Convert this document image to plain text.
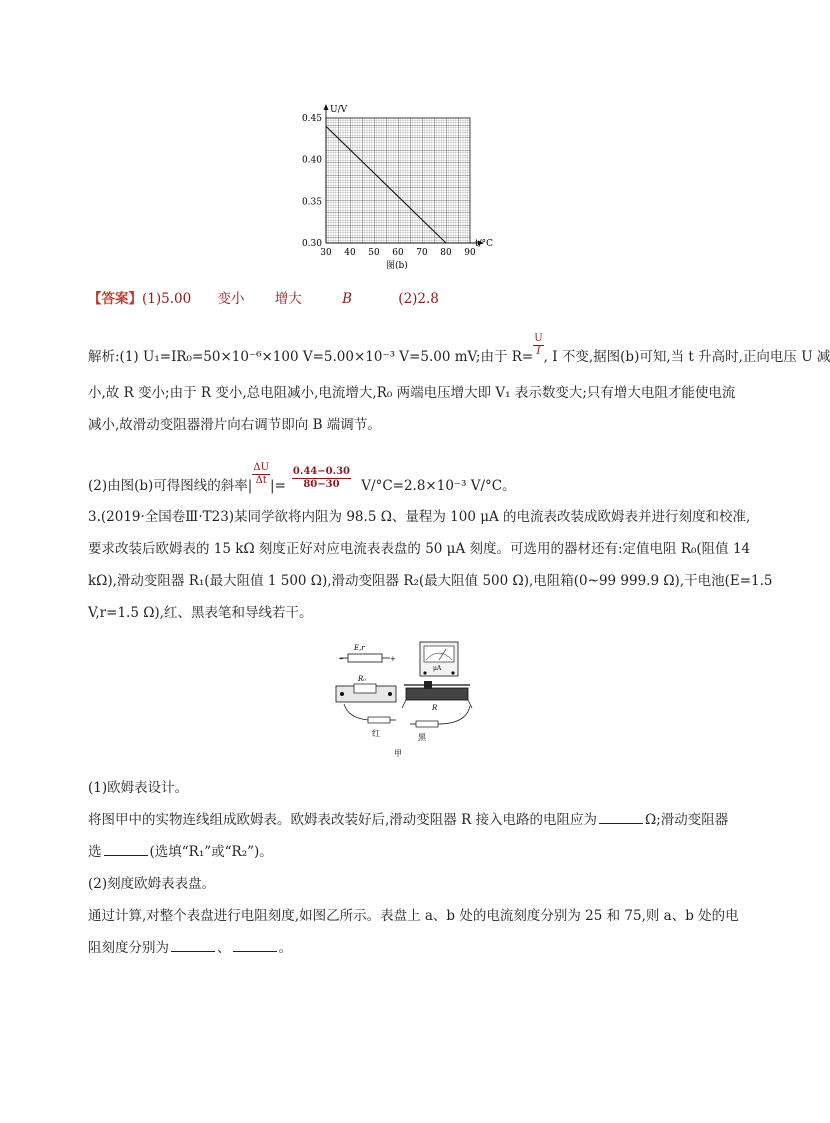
U/V
t/°C
0.45
0.40
0.35
0.30
30 40 50 60 70 80 90
图(b)
【答案】(1)5.00 变小 增大	B	(2)2.8
解析:(1) U₁=IR₀=50×10⁻⁶×100 V=5.00×10⁻³ V=5.00 mV;由于 $R= \frac{U}{I}$ , I 不变,据图(b)可知,当 t 升高时,正向电压 U 减
小,故 R 变小;由于 R 变小,总电阻减小,电流增大,R₀ 两端电压增大即 V₁ 表示数变大;只有增大电阻才能使电流
减小,故滑动变阻器滑片向右调节即向 B 端调节。
(2)由图(b)可得图线的斜率| $\frac{\Delta U}{\Delta t}$ |= $\frac{0.44-0.30}{80-30} V/^\circ C=2.8\times 10^{-3}$ V/°C。
3.(2019·全国卷Ⅲ·T23)某同学欲将内阻为 98.5 Ω、量程为 100 μA 的电流表改装成欧姆表并进行刻度和校准,
要求改装后欧姆表的 15 kΩ 刻度正好对应电流表表盘的 50 μA 刻度。可选用的器材还有:定值电阻 R₀(阻值 14
kΩ),滑动变阻器 R₁(最大阻值 1 500 Ω),滑动变阻器 R₂(最大阻值 500 Ω),电阻箱(0~99 999.9 Ω),干电池(E=1.5
V,r=1.5 Ω),红、黑表笔和导线若干。
−	+
E,r
μA
R₀
R
红	黑
甲
(1)欧姆表设计。
将图甲中的实物连线组成欧姆表。欧姆表改装好后,滑动变阻器 R 接入电路的电阻应为	Ω;滑动变阻器
选	(选填“R₁”或“R₂”)。
(2)刻度欧姆表表盘。
通过计算,对整个表盘进行电阻刻度,如图乙所示。表盘上 a、b 处的电流刻度分别为 25 和 75,则 a、b 处的电
阻刻度分别为	、	。
